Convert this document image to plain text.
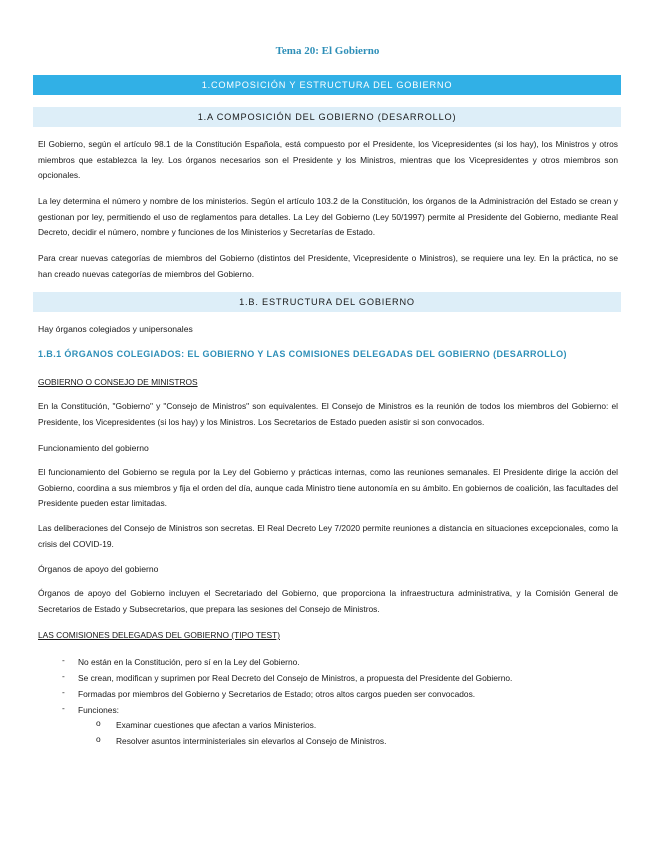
Tema 20: El Gobierno
1.COMPOSICIÓN Y ESTRUCTURA DEL GOBIERNO
1.A COMPOSICIÓN DEL GOBIERNO (DESARROLLO)

El Gobierno, según el artículo 98.1 de la Constitución Española, está compuesto por el Presidente, los Vicepresidentes (si los hay), los Ministros y otros miembros que establezca la ley. Los órganos necesarios son el Presidente y los Ministros, mientras que los Vicepresidentes y otros miembros son opcionales.

La ley determina el número y nombre de los ministerios. Según el artículo 103.2 de la Constitución, los órganos de la Administración del Estado se crean y gestionan por ley, permitiendo el uso de reglamentos para detalles. La Ley del Gobierno (Ley 50/1997) permite al Presidente del Gobierno, mediante Real Decreto, decidir el número, nombre y funciones de los Ministerios y Secretarías de Estado.

Para crear nuevas categorías de miembros del Gobierno (distintos del Presidente, Vicepresidente o Ministros), se requiere una ley. En la práctica, no se han creado nuevas categorías de miembros del Gobierno.

1.B. ESTRUCTURA DEL GOBIERNO
Hay órganos colegiados y unipersonales
1.B.1 ÓRGANOS COLEGIADOS: EL GOBIERNO Y LAS COMISIONES DELEGADAS DEL GOBIERNO (DESARROLLO)
GOBIERNO O CONSEJO DE MINISTROS

En la Constitución, "Gobierno" y "Consejo de Ministros" son equivalentes. El Consejo de Ministros es la reunión de todos los miembros del Gobierno: el Presidente, los Vicepresidentes (si los hay) y los Ministros. Los Secretarios de Estado pueden asistir si son convocados.

Funcionamiento del gobierno

El funcionamiento del Gobierno se regula por la Ley del Gobierno y prácticas internas, como las reuniones semanales. El Presidente dirige la acción del Gobierno, coordina a sus miembros y fija el orden del día, aunque cada Ministro tiene autonomía en su ámbito. En gobiernos de coalición, las facultades del Presidente pueden estar limitadas.

Las deliberaciones del Consejo de Ministros son secretas. El Real Decreto Ley 7/2020 permite reuniones a distancia en situaciones excepcionales, como la crisis del COVID-19.

Órganos de apoyo del gobierno

Órganos de apoyo del Gobierno incluyen el Secretariado del Gobierno, que proporciona la infraestructura administrativa, y la Comisión General de Secretarios de Estado y Subsecretarios, que prepara las sesiones del Consejo de Ministros.

LAS COMISIONES DELEGADAS DEL GOBIERNO (TIPO TEST)
- No están en la Constitución, pero sí en la Ley del Gobierno.
- Se crean, modifican y suprimen por Real Decreto del Consejo de Ministros, a propuesta del Presidente del Gobierno.
- Formadas por miembros del Gobierno y Secretarios de Estado; otros altos cargos pueden ser convocados.
- Funciones:
o Examinar cuestiones que afectan a varios Ministerios.
o Resolver asuntos interministeriales sin elevarlos al Consejo de Ministros.
